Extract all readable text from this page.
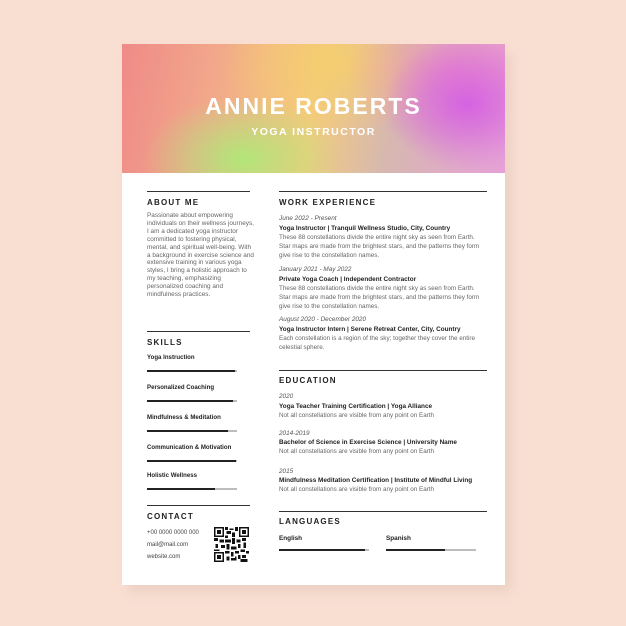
ANNIE ROBERTS
YOGA INSTRUCTOR
ABOUT ME
Passionate about empowering individuals on their wellness journeys, I am a dedicated yoga instructor committed to fostering physical, mental, and spiritual well-being. With a background in exercise science and extensive training in various yoga styles, I bring a holistic approach to my teaching, emphasizing personalized coaching and mindfulness practices.
SKILLS
Yoga Instruction
Personalized Coaching
Mindfulness & Meditation
Communication & Motivation
Holistic Wellness
CONTACT
+00 0000 0000 000
mail@mail.com
website.com
WORK EXPERIENCE
June 2022 - Present
Yoga Instructor | Tranquil Wellness Studio, City, Country
These 88 constellations divide the entire night sky as seen from Earth. Star maps are made from the brightest stars, and the patterns they form give rise to the constellation names.
January 2021 - May 2022
Private Yoga Coach | Independent Contractor
These 88 constellations divide the entire night sky as seen from Earth. Star maps are made from the brightest stars, and the patterns they form give rise to the constellation names.
August 2020 - December 2020
Yoga Instructor Intern | Serene Retreat Center, City, Country
Each constellation is a region of the sky; together they cover the entire celestial sphere.
EDUCATION
2020
Yoga Teacher Training Certification | Yoga Alliance
Not all constellations are visible from any point on Earth
2014-2019
Bachelor of Science in Exercise Science | University Name
Not all constellations are visible from any point on Earth
2015
Mindfulness Meditation Certification | Institute of Mindful Living
Not all constellations are visible from any point on Earth
LANGUAGES
English	Spanish
